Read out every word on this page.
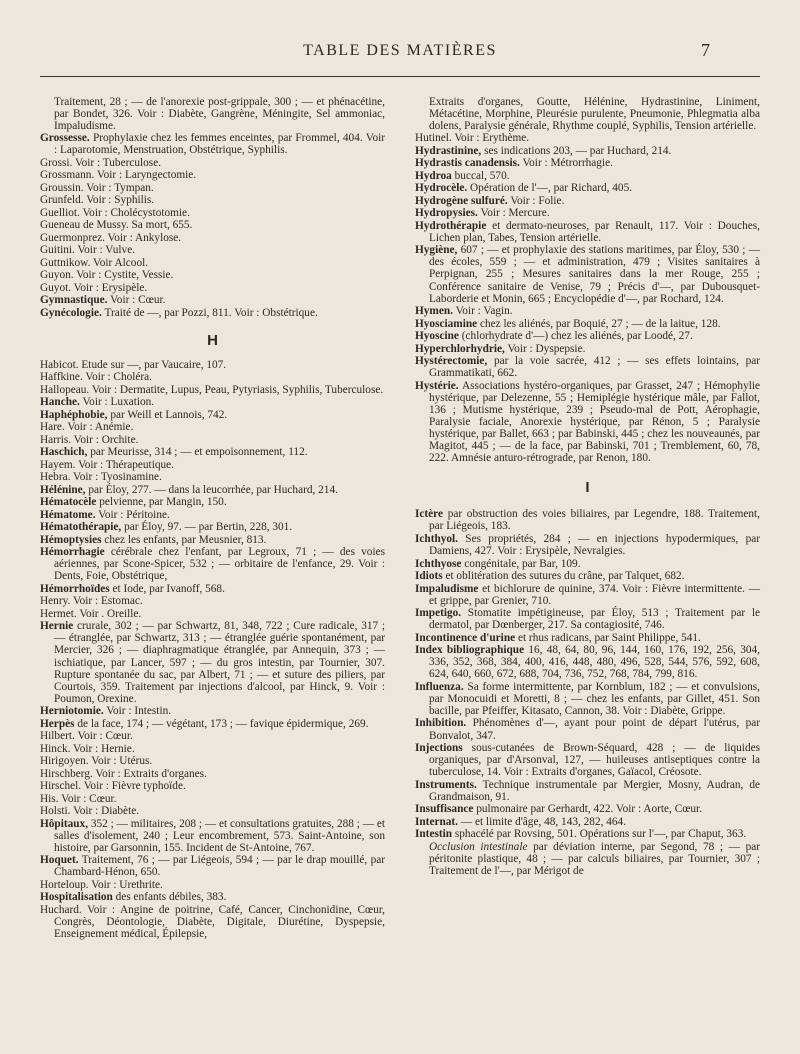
TABLE DES MATIÈRES	7

Traitement, 28 ; — de l'anorexie post-grippale, 300 ; — et phénacétine, par Bondet, 326. Voir : Diabète, Gangrène, Méningite, Sel ammoniac, Impaludisme.

Grossesse. Prophylaxie chez les femmes enceintes, par Frommel, 404. Voir : Laparotomie, Menstruation, Obstétrique, Syphilis.

Grossi. Voir : Tuberculose.

Grossmann. Voir : Laryngectomie.

Groussin. Voir : Tympan.

Grunfeld. Voir : Syphilis.

Guelliot. Voir : Cholécystotomie.

Gueneau de Mussy. Sa mort, 655.

Guermonprez. Voir : Ankylose.

Guitini. Voir : Vulve.

Guttnikow. Voir Alcool.

Guyon. Voir : Cystite, Vessie.

Guyot. Voir : Erysipèle.

Gymnastique. Voir : Cœur.

Gynécologie. Traité de —, par Pozzi, 811. Voir : Obstétrique.

H

Habicot. Etude sur —, par Vaucaire, 107.

Haffkine. Voir : Choléra.

Hallopeau. Voir : Dermatite, Lupus, Peau, Pytyriasis, Syphilis, Tuberculose.

Hanche. Voir : Luxation.

Haphéphobie, par Weill et Lannois, 742.

Hare. Voir : Anémie.

Harris. Voir : Orchite.

Haschich, par Meurisse, 314 ; — et empoisonnement, 112.

Hayem. Voir : Thérapeutique.

Hebra. Voir : Tyosinamine.

Hélénine, par Éloy, 277. — dans la leucorrhée, par Huchard, 214.

Hématocèle pelvienne, par Mangin, 150.

Hématome. Voir : Péritoine.

Hématothérapie, par Éloy, 97. — par Bertin, 228, 301.

Hémoptysies chez les enfants, par Meusnier, 813.

Hémorrhagie cérébrale chez l'enfant, par Legroux, 71 ; — des voies aériennes, par Scone-Spicer, 532 ; — orbitaire de l'enfance, 29. Voir : Dents, Foie, Obstétrique,

Hémorrhoïdes et Iode, par Ivanoff, 568.

Henry. Voir : Estomac.

Hermet. Voir . Oreille.

Hernie crurale, 302 ; — par Schwartz, 81, 348, 722 ; Cure radicale, 317 ; — étranglée, par Schwartz, 313 ; — étranglée guérie spontanément, par Mercier, 326 ; — diaphragmatique étranglée, par Annequin, 373 ; — ischiatique, par Lancer, 597 ; — du gros intestin, par Tournier, 307. Rupture spontanée du sac, par Albert, 71 ; — et suture des piliers, par Courtois, 359. Traitement par injections d'alcool, par Hinck, 9. Voir : Poumon, Orexine.

Herniotomie. Voir : Intestin.

Herpès de la face, 174 ; — végétant, 173 ; — favique épidermique, 269.

Hilbert. Voir : Cœur.

Hinck. Voir : Hernie.

Hirigoyen. Voir : Utérus.

Hirschberg. Voir : Extraits d'organes.

Hirschel. Voir : Fièvre typhoïde.

His. Voir : Cœur.

Holsti. Voir : Diabète.

Hôpitaux, 352 ; — militaires, 208 ; — et consultations gratuites, 288 ; — et salles d'isolement, 240 ; Leur encombrement, 573. Saint-Antoine, son histoire, par Garsonnin, 155. Incident de St-Antoine, 767.

Hoquet. Traitement, 76 ; — par Liégeois, 594 ; — par le drap mouillé, par Chambard-Hénon, 650.

Horteloup. Voir : Urethrite.

Hospitalisation des enfants débiles, 383.

Huchard. Voir : Angine de poitrine, Café, Cancer, Cinchonidine, Cœur, Congrès, Déontologie, Diabète, Digitale, Diurétine, Dyspepsie, Enseignement médical, Épilepsie,

Extraits d'organes, Goutte, Hélénine, Hydrastinine, Liniment, Métacétine, Morphine, Pleurésie purulente, Pneumonie, Phlegmatia alba dolens, Paralysie générale, Rhythme couplé, Syphilis, Tension artérielle.

Hutinel. Voir : Erythème.

Hydrastinine, ses indications 203, — par Huchard, 214.

Hydrastis canadensis. Voir : Métrorrhagie.

Hydroa buccal, 570.

Hydrocèle. Opération de l'—, par Richard, 405.

Hydrogène sulfuré. Voir : Folie.

Hydropysies. Voir : Mercure.

Hydrothérapie et dermato-neuroses, par Renault, 117. Voir : Douches, Lichen plan, Tabes, Tension artérielle.

Hygiène, 607 ; — et prophylaxie des stations maritimes, par Éloy, 530 ; — des écoles, 559 ; — et administration, 479 ; Visites sanitaires à Perpignan, 255 ; Mesures sanitaires dans la mer Rouge, 255 ; Conférence sanitaire de Venise, 79 ; Précis d'—, par Dubousquet-Laborderie et Monin, 665 ; Encyclopédie d'—, par Rochard, 124.

Hymen. Voir : Vagin.

Hyosciamine chez les aliénés, par Boquié, 27 ; — de la laitue, 128.

Hyoscine (chlorhydrate d'—) chez les aliénés, par Loodé, 27.

Hyperchlorhydrie, Voir : Dyspepsie.

Hystérectomie, par la voie sacrée, 412 ; — ses effets lointains, par Grammatikati, 662.

Hystérie. Associations hystéro-organiques, par Grasset, 247 ; Hémophylie hystérique, par Delezenne, 55 ; Hemiplégie hystérique mâle, par Fallot, 136 ; Mutisme hystérique, 239 ; Pseudo-mal de Pott, Aérophagie, Paralysie faciale, Anorexie hystérique, par Rénon, 5 ; Paralysie hystérique, par Ballet, 663 ; par Babinski, 445 ; chez les nouveaunés, par Magitot, 445 ; — de la face, par Babinski, 701 ; Tremblement, 60, 78, 222. Amnésie anturo-rétrograde, par Renon, 180.

I

Ictère par obstruction des voies biliaires, par Legendre, 188. Traitement, par Liégeois, 183.

Ichthyol. Ses propriétés, 284 ; — en injections hypodermiques, par Damiens, 427. Voir : Erysipèle, Nevralgies.

Ichthyose congénitale, par Bar, 109.

Idiots et oblitération des sutures du crâne, par Talquet, 682.

Impaludisme et bichlorure de quinine, 374. Voir : Fièvre intermittente. — et grippe, par Grenier, 710.

Impetigo. Stomatite impétigineuse, par Éloy, 513 ; Traitement par le dermatol, par Dœnberger, 217. Sa contagiosité, 746.

Incontinence d'urine et rhus radicans, par Saint Philippe, 541.

Index bibliographique 16, 48, 64, 80, 96, 144, 160, 176, 192, 256, 304, 336, 352, 368, 384, 400, 416, 448, 480, 496, 528, 544, 576, 592, 608, 624, 640, 660, 672, 688, 704, 736, 752, 768, 784, 799, 816.

Influenza. Sa forme intermittente, par Kornblum, 182 ; — et convulsions, par Monocuidi et Moretti, 8 ; — chez les enfants, par Gillet, 451. Son bacille, par Pfeiffer, Kitasato, Cannon, 38. Voir : Diabète, Grippe.

Inhibition. Phénomènes d'—, ayant pour point de départ l'utérus, par Bonvalot, 347.

Injections sous-cutanées de Brown-Séquard, 428 ; — de liquides organiques, par d'Arsonval, 127, — huileuses antiseptiques contre la tuberculose, 14. Voir : Extraits d'organes, Gaïacol, Créosote.

Instruments. Technique instrumentale par Mergier, Mosny, Audran, de Grandmaison, 91.

Insuffisance pulmonaire par Gerhardt, 422. Voir : Aorte, Cœur.

Internat. — et limite d'âge, 48, 143, 282, 464.

Intestin sphacélé par Rovsing, 501. Opérations sur l'—, par Chaput, 363.

Occlusion intestinale par déviation interne, par Segond, 78 ; — par péritonite plastique, 48 ; — par calculs biliaires, par Tournier, 307 ; Traitement de l'—, par Mérigot de
